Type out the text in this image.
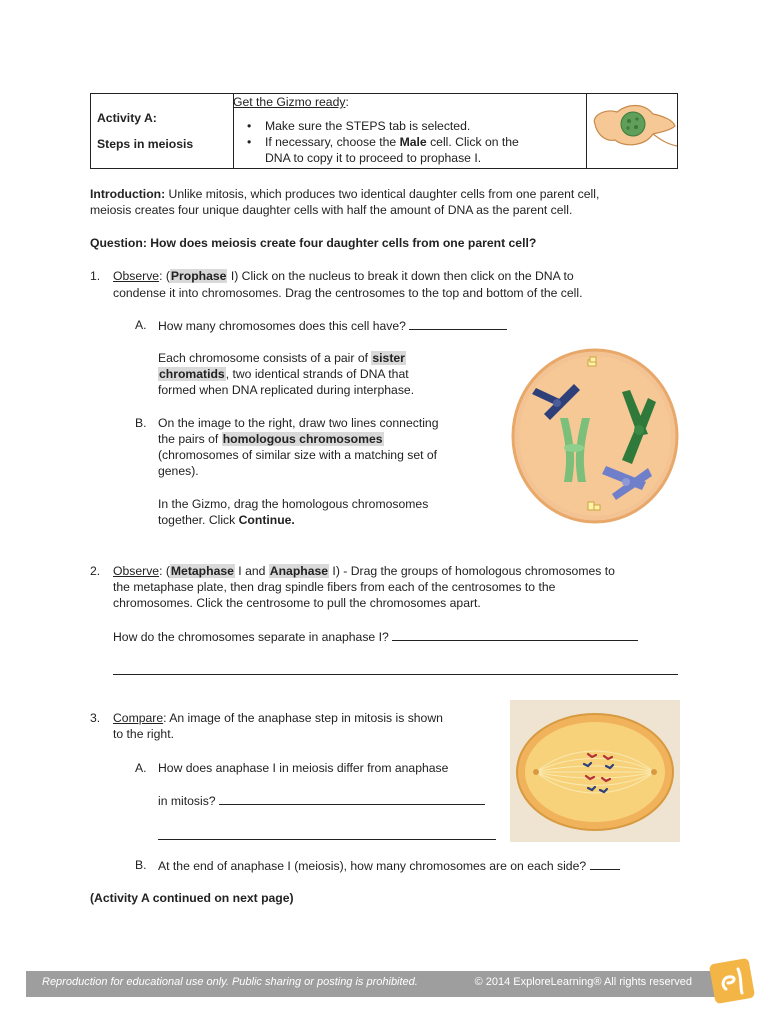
Activity A:
Steps in meiosis
Get the Gizmo ready:
• Make sure the STEPS tab is selected.
• If necessary, choose the Male cell. Click on the
DNA to copy it to proceed to prophase I.
Introduction: Unlike mitosis, which produces two identical daughter cells from one parent cell,
meiosis creates four unique daughter cells with half the amount of DNA as the parent cell.
Question: How does meiosis create four daughter cells from one parent cell?
1. Observe: (Prophase I) Click on the nucleus to break it down then click on the DNA to
condense it into chromosomes. Drag the centrosomes to the top and bottom of the cell.
A. How many chromosomes does this cell have?
Each chromosome consists of a pair of sister
chromatids, two identical strands of DNA that
formed when DNA replicated during interphase.
B. On the image to the right, draw two lines connecting
the pairs of homologous chromosomes
(chromosomes of similar size with a matching set of
genes).
In the Gizmo, drag the homologous chromosomes
together. Click Continue.
2. Observe: (Metaphase I and Anaphase I) - Drag the groups of homologous chromosomes to
the metaphase plate, then drag spindle fibers from each of the centrosomes to the
chromosomes. Click the centrosome to pull the chromosomes apart.
How do the chromosomes separate in anaphase I?
3. Compare: An image of the anaphase step in mitosis is shown
to the right.
A. How does anaphase I in meiosis differ from anaphase
in mitosis?
B. At the end of anaphase I (meiosis), how many chromosomes are on each side?
(Activity A continued on next page)
Reproduction for educational use only. Public sharing or posting is prohibited.	© 2014 ExploreLearning® All rights reserved
